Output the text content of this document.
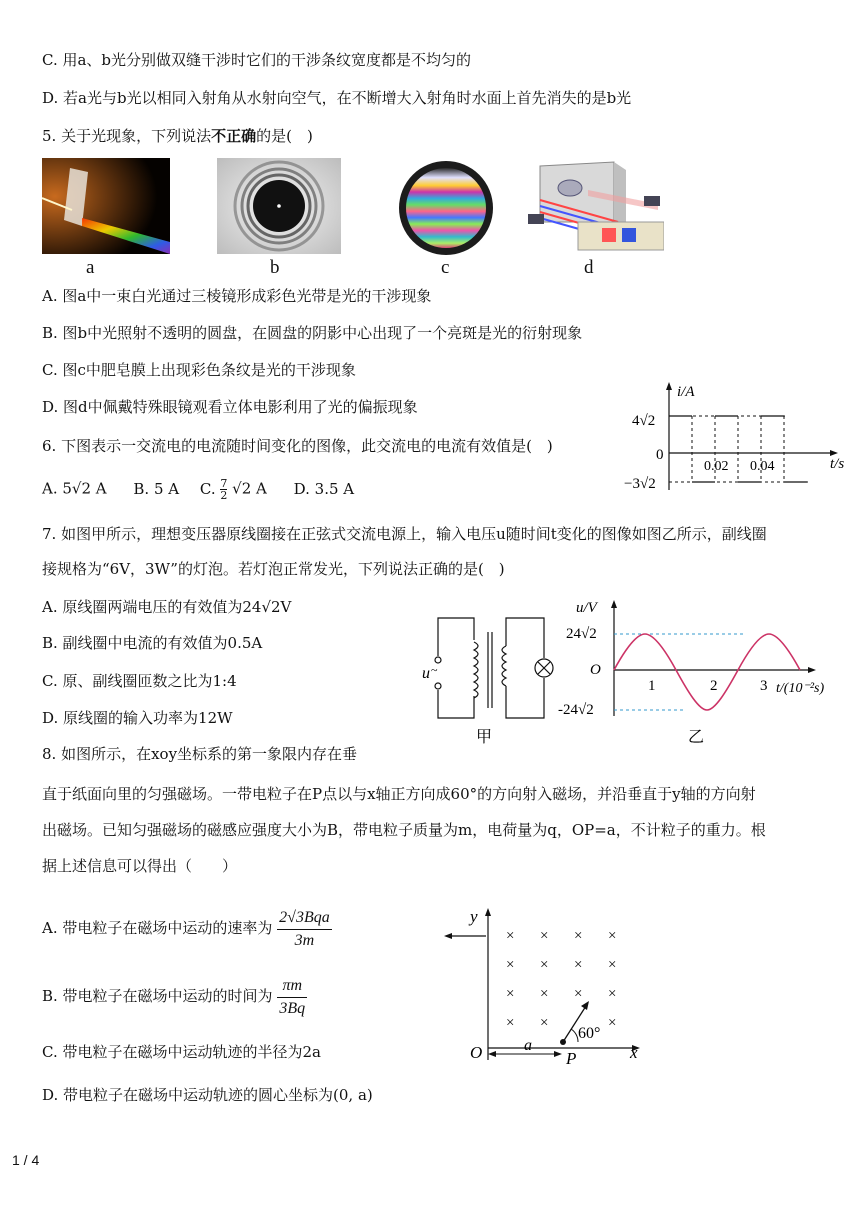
C. 用a、b光分别做双缝干涉时它们的干涉条纹宽度都是不均匀的
D. 若a光与b光以相同入射角从水射向空气，在不断增大入射角时水面上首先消失的是b光
5. 关于光现象，下列说法不正确的是(　)
a	b	c	d
A. 图a中一束白光通过三棱镜形成彩色光带是光的干涉现象
B. 图b中光照射不透明的圆盘，在圆盘的阴影中心出现了一个亮斑是光的衍射现象
C. 图c中肥皂膜上出现彩色条纹是光的干涉现象
D. 图d中佩戴特殊眼镜观看立体电影利用了光的偏振现象
6. 下图表示一交流电的电流随时间变化的图像，此交流电的电流有效值是(　)
A. 5√2 A B. 5 A C. $\frac{7}{2} √2$ A D. 3.5 A
i/A
t/s
4√2
0
−3√2
0.02 0.04
7. 如图甲所示，理想变压器原线圈接在正弦式交流电源上，输入电压u随时间t变化的图像如图乙所示，副线圈
接规格为“6V，3W”的灯泡。若灯泡正常发光，下列说法正确的是(　)
A. 原线圈两端电压的有效值为24√2V
B. 副线圈中电流的有效值为0.5A
C. 原、副线圈匝数之比为1:4
D. 原线圈的输入功率为12W
u ~
甲
u/V
t/(10⁻²s)
24√2
O
-24√2
1	2	3
乙
8. 如图所示，在xoy坐标系的第一象限内存在垂
直于纸面向里的匀强磁场。一带电粒子在P点以与x轴正方向成60°的方向射入磁场，并沿垂直于y轴的方向射
出磁场。已知匀强磁场的磁感应强度大小为B，带电粒子质量为m，电荷量为q，OP=a，不计粒子的重力。根
据上述信息可以得出（　　）
A. 带电粒子在磁场中运动的速率为 $\frac{\text{2√3Bqa}}{3m}$
B. 带电粒子在磁场中运动的时间为 $\frac{\pi m}{3Bq}$
C. 带电粒子在磁场中运动轨迹的半径为2a
D. 带电粒子在磁场中运动轨迹的圆心坐标为(0, a)
y
x
O
× × × ×
× × × ×
× × × ×
× ×	×
a
P
60°
1 / 4
